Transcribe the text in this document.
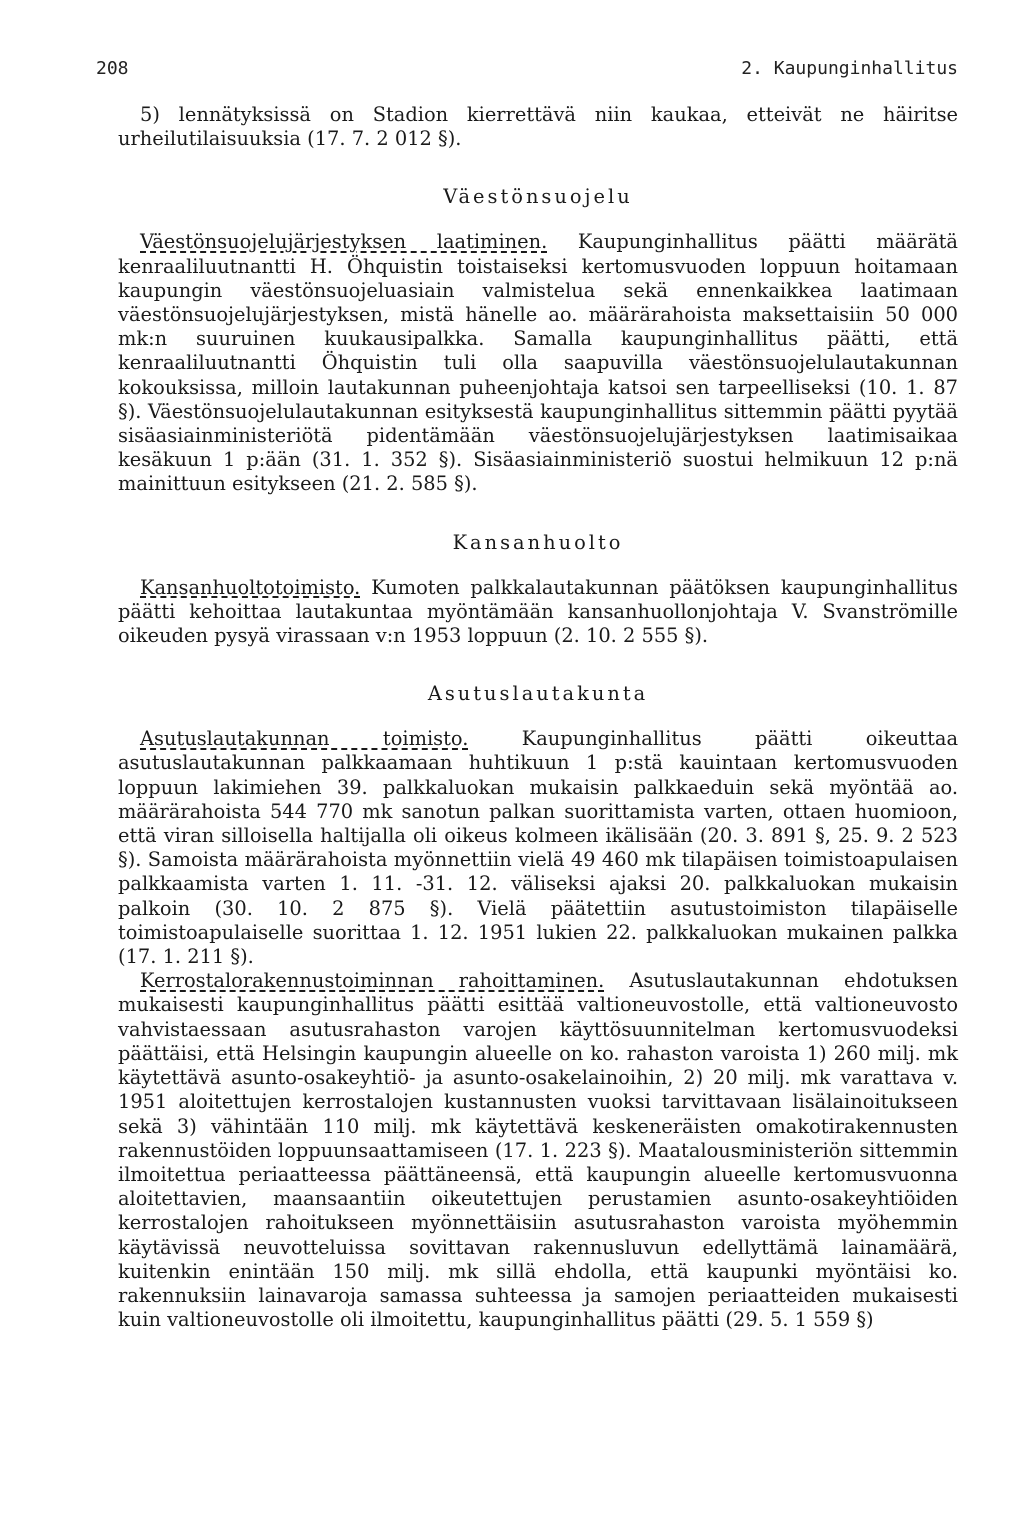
208	2. Kaupunginhallitus

5) lennätyksissä on Stadion kierrettävä niin kaukaa, etteivät ne häiritse urheilutilaisuuksia (17. 7. 2 012 §).

Väestönsuojelu

Väestönsuojelujärjestyksen laatiminen. Kaupunginhallitus päätti määrätä kenraaliluutnantti H. Öhquistin toistaiseksi kertomusvuoden loppuun hoitamaan kaupungin väestönsuojeluasiain valmistelua sekä ennenkaikkea laatimaan väestönsuojelujärjestyksen, mistä hänelle ao. määrärahoista maksettaisiin 50 000 mk:n suuruinen kuukausipalkka. Samalla kaupunginhallitus päätti, että kenraaliluutnantti Öhquistin tuli olla saapuvilla väestönsuojelulautakunnan kokouksissa, milloin lautakunnan puheenjohtaja katsoi sen tarpeelliseksi (10. 1. 87 §). Väestönsuojelulautakunnan esityksestä kaupunginhallitus sittemmin päätti pyytää sisäasiainministeriötä pidentämään väestönsuojelujärjestyksen laatimisaikaa kesäkuun 1 p:ään (31. 1. 352 §). Sisäasiainministeriö suostui helmikuun 12 p:nä mainittuun esitykseen (21. 2. 585 §).

Kansanhuolto

Kansanhuoltotoimisto. Kumoten palkkalautakunnan päätöksen kaupunginhallitus päätti kehoittaa lautakuntaa myöntämään kansanhuollonjohtaja V. Svanströmille oikeuden pysyä virassaan v:n 1953 loppuun (2. 10. 2 555 §).

Asutuslautakunta

Asutuslautakunnan toimisto. Kaupunginhallitus päätti oikeuttaa asutuslautakunnan palkkaamaan huhtikuun 1 p:stä kauintaan kertomusvuoden loppuun lakimiehen 39. palkkaluokan mukaisin palkkaeduin sekä myöntää ao. määrärahoista 544 770 mk sanotun palkan suorittamista varten, ottaen huomioon, että viran silloisella haltijalla oli oikeus kolmeen ikälisään (20. 3. 891 §, 25. 9. 2 523 §). Samoista määrärahoista myönnettiin vielä 49 460 mk tilapäisen toimistoapulaisen palkkaamista varten 1. 11. -31. 12. väliseksi ajaksi 20. palkkaluokan mukaisin palkoin (30. 10. 2 875 §). Vielä päätettiin asutustoimiston tilapäiselle toimistoapulaiselle suorittaa 1. 12. 1951 lukien 22. palkkaluokan mukainen palkka (17. 1. 211 §).

Kerrostalorakennustoiminnan rahoittaminen. Asutuslautakunnan ehdotuksen mukaisesti kaupunginhallitus päätti esittää valtioneuvostolle, että valtioneuvosto vahvistaessaan asutusrahaston varojen käyttösuunnitelman kertomusvuodeksi päättäisi, että Helsingin kaupungin alueelle on ko. rahaston varoista 1) 260 milj. mk käytettävä asunto-osakeyhtiö- ja asunto-osakelainoihin, 2) 20 milj. mk varattava v. 1951 aloitettujen kerrostalojen kustannusten vuoksi tarvittavaan lisälainoitukseen sekä 3) vähintään 110 milj. mk käytettävä keskeneräisten omakotirakennusten rakennustöiden loppuunsaattamiseen (17. 1. 223 §). Maatalousministeriön sittemmin ilmoitettua periaatteessa päättäneensä, että kaupungin alueelle kertomusvuonna aloitettavien, maansaantiin oikeutettujen perustamien asunto-osakeyhtiöiden kerrostalojen rahoitukseen myönnettäisiin asutusrahaston varoista myöhemmin käytävissä neuvotteluissa sovittavan rakennusluvun edellyttämä lainamäärä, kuitenkin enintään 150 milj. mk sillä ehdolla, että kaupunki myöntäisi ko. rakennuksiin lainavaroja samassa suhteessa ja samojen periaatteiden mukaisesti kuin valtioneuvostolle oli ilmoitettu, kaupunginhallitus päätti (29. 5. 1 559 §)
